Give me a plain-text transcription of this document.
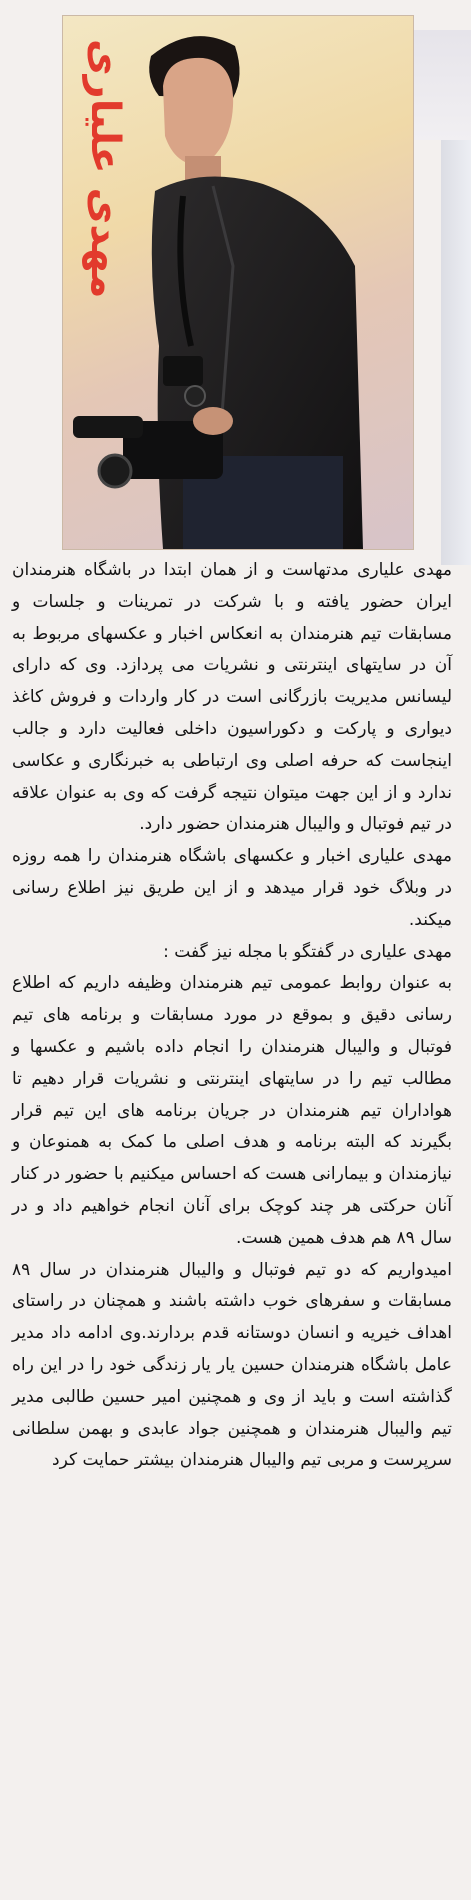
مهدی علیاری

مهدی علیاری مدتهاست و از همان ابتدا در باشگاه هنرمندان ایران حضور یافته و با شرکت در تمرینات و جلسات و مسابقات تیم هنرمندان به انعکاس اخبار و عکسهای مربوط به آن در سایتهای اینترنتی و نشریات می پردازد. وی که دارای لیسانس مدیریت بازرگانی است در کار واردات و فروش کاغذ دیواری و پارکت و دکوراسیون داخلی فعالیت دارد و جالب اینجاست که حرفه اصلی وی ارتباطی به خبرنگاری و عکاسی ندارد و از این جهت میتوان نتیجه گرفت که وی به عنوان علاقه در تیم فوتبال و والیبال هنرمندان حضور دارد.

مهدی علیاری اخبار و عکسهای باشگاه هنرمندان را همه روزه در وبلاگ خود قرار میدهد و از این طریق نیز اطلاع رسانی میکند.

مهدی علیاری در گفتگو با مجله نیز گفت :

به عنوان روابط عمومی تیم هنرمندان وظیفه داریم که اطلاع رسانی دقیق و بموقع در مورد مسابقات و برنامه های تیم فوتبال و والیبال هنرمندان را انجام داده باشیم و عکسها و مطالب تیم را در سایتهای اینترنتی و نشریات قرار دهیم تا هواداران تیم هنرمندان در جریان برنامه های این تیم قرار بگیرند که البته برنامه و هدف اصلی ما کمک به همنوعان و نیازمندان و بیمارانی هست که احساس میکنیم با حضور در کنار آنان حرکتی هر چند کوچک برای آنان انجام خواهیم داد و در سال ۸۹ هم هدف همین هست.

امیدواریم که دو تیم فوتبال و والیبال هنرمندان در سال ۸۹ مسابقات و سفرهای خوب داشته باشند و همچنان در راستای اهداف خیریه و انسان دوستانه قدم بردارند.وی ادامه داد مدیر عامل باشگاه هنرمندان حسین یار یار زندگی خود را در این راه گذاشته است و باید از وی و همچنین امیر حسین طالبی مدیر تیم والیبال هنرمندان و همچنین جواد عابدی و بهمن سلطانی سرپرست و مربی تیم والیبال هنرمندان بیشتر حمایت کرد
